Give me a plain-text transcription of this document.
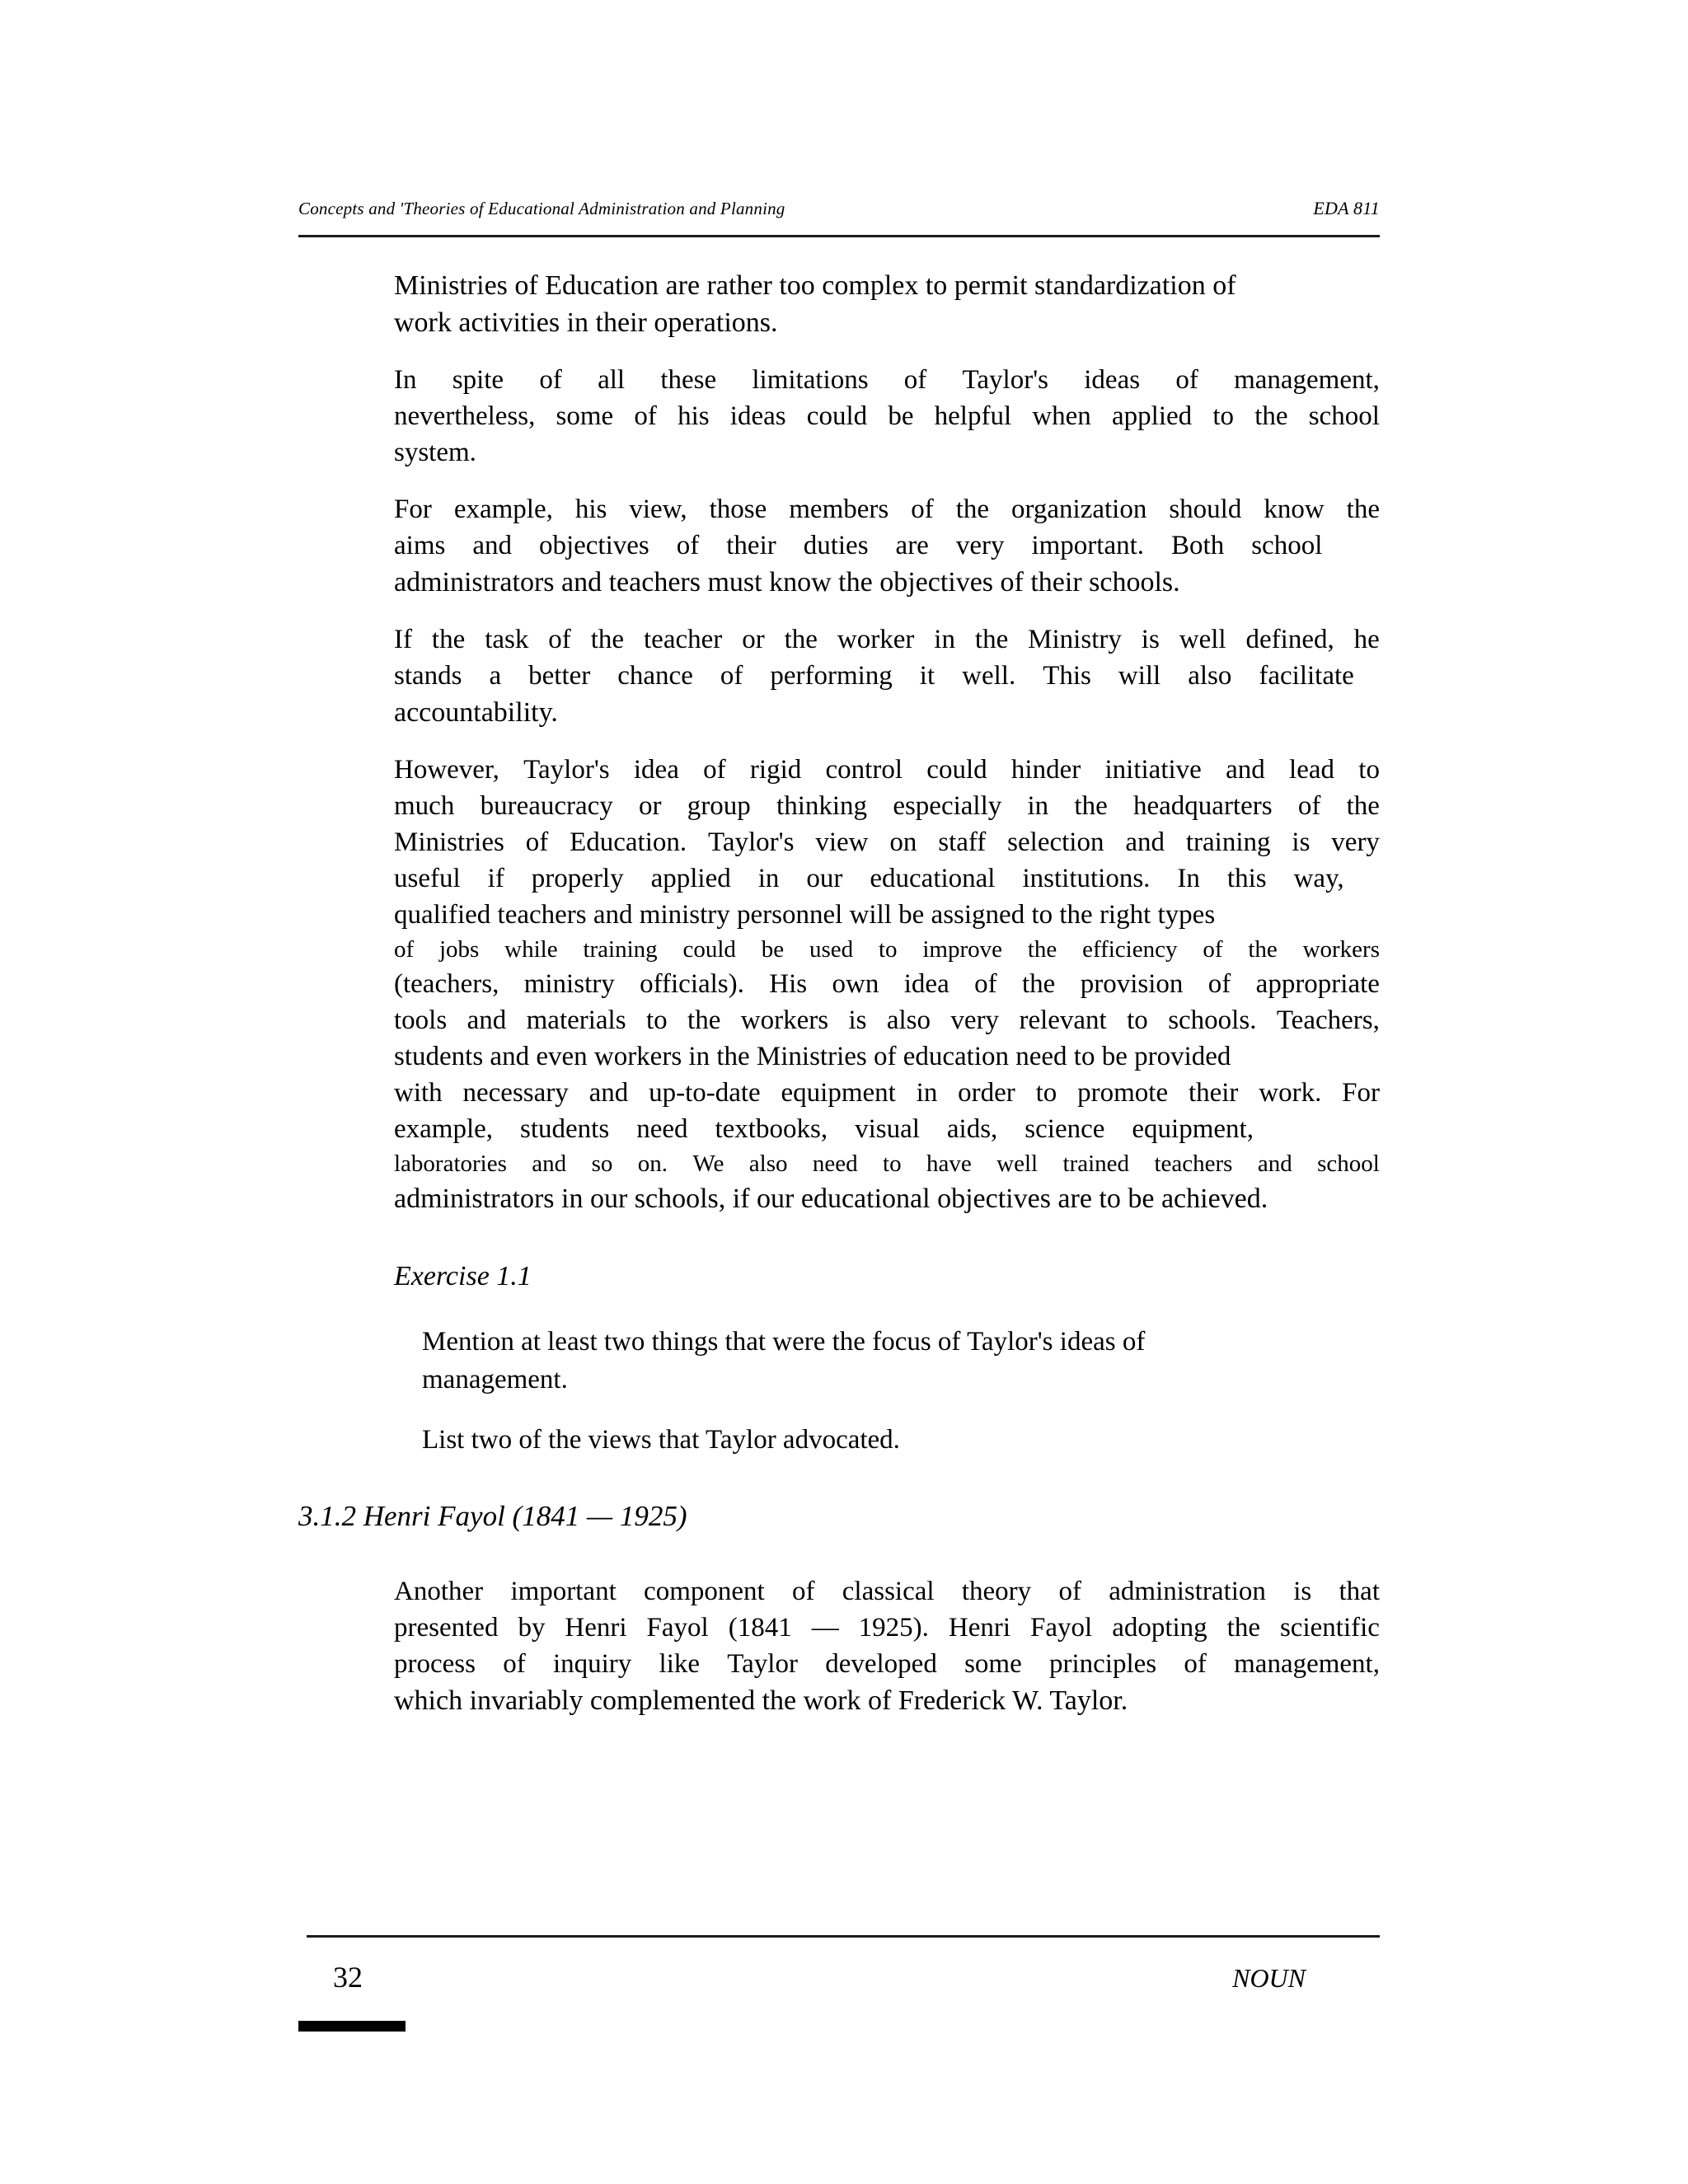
Concepts and 'Theories of Educational Administration and Planning	EDA 811

Ministries of Education are rather too complex to permit standardization of
work activities in their operations.

In spite of all these limitations of Taylor's ideas of management,
nevertheless, some of his ideas could be helpful when applied to the school
system.

For example, his view, those members of the organization should know the
aims and objectives of their duties are very important. Both school
administrators and teachers must know the objectives of their schools.

If the task of the teacher or the worker in the Ministry is well defined, he
stands a better chance of performing it well. This will also facilitate
accountability.

However, Taylor's idea of rigid control could hinder initiative and lead to
much bureaucracy or group thinking especially in the headquarters of the
Ministries of Education. Taylor's view on staff selection and training is very
useful if properly applied in our educational institutions. In this way,
qualified teachers and ministry personnel will be assigned to the right types
of jobs while training could be used to improve the efficiency of the workers
(teachers, ministry officials). His own idea of the provision of appropriate
tools and materials to the workers is also very relevant to schools. Teachers,
students and even workers in the Ministries of education need to be provided
with necessary and up-to-date equipment in order to promote their work. For
example, students need textbooks, visual aids, science equipment,
laboratories and so on. We also need to have well trained teachers and school
administrators in our schools, if our educational objectives are to be achieved.

Exercise 1.1
Mention at least two things that were the focus of Taylor's ideas of
management.
List two of the views that Taylor advocated.
3.1.2 Henri Fayol (1841 — 1925)
Another important component of classical theory of administration is that
presented by Henri Fayol (1841 — 1925). Henri Fayol adopting the scientific
process of inquiry like Taylor developed some principles of management,
which invariably complemented the work of Frederick W. Taylor.
32	NOUN
